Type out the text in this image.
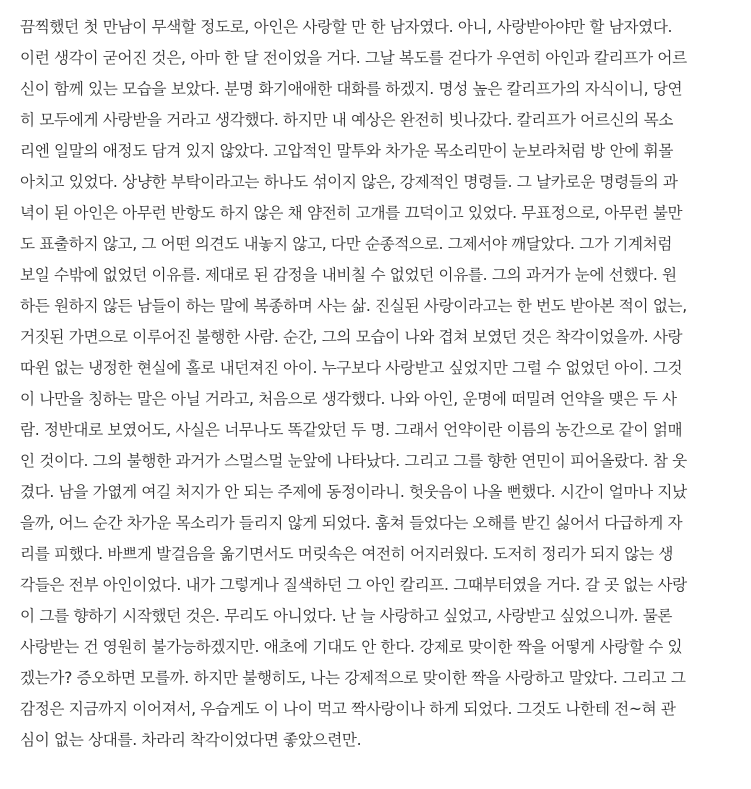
끔찍했던 첫 만남이 무색할 정도로, 아인은 사랑할 만 한 남자였다. 아니, 사랑받아야만 할 남자였다.
이런 생각이 굳어진 것은, 아마 한 달 전이었을 거다. 그날 복도를 걷다가 우연히 아인과 칼리프가 어르
신이 함께 있는 모습을 보았다. 분명 화기애애한 대화를 하겠지. 명성 높은 칼리프가의 자식이니, 당연
히 모두에게 사랑받을 거라고 생각했다. 하지만 내 예상은 완전히 빗나갔다. 칼리프가 어르신의 목소
리엔 일말의 애정도 담겨 있지 않았다. 고압적인 말투와 차가운 목소리만이 눈보라처럼 방 안에 휘몰
아치고 있었다. 상냥한 부탁이라고는 하나도 섞이지 않은, 강제적인 명령들. 그 날카로운 명령들의 과
녁이 된 아인은 아무런 반항도 하지 않은 채 얌전히 고개를 끄덕이고 있었다. 무표정으로, 아무런 불만
도 표출하지 않고, 그 어떤 의견도 내놓지 않고, 다만 순종적으로. 그제서야 깨달았다. 그가 기계처럼
보일 수밖에 없었던 이유를. 제대로 된 감정을 내비칠 수 없었던 이유를. 그의 과거가 눈에 선했다. 원
하든 원하지 않든 남들이 하는 말에 복종하며 사는 삶. 진실된 사랑이라고는 한 번도 받아본 적이 없는,
거짓된 가면으로 이루어진 불행한 사람. 순간, 그의 모습이 나와 겹쳐 보였던 것은 착각이었을까. 사랑
따윈 없는 냉정한 현실에 홀로 내던져진 아이. 누구보다 사랑받고 싶었지만 그럴 수 없었던 아이. 그것
이 나만을 칭하는 말은 아닐 거라고, 처음으로 생각했다. 나와 아인, 운명에 떠밀려 언약을 맺은 두 사
람. 정반대로 보였어도, 사실은 너무나도 똑같았던 두 명. 그래서 언약이란 이름의 농간으로 같이 얽매
인 것이다. 그의 불행한 과거가 스멀스멀 눈앞에 나타났다. 그리고 그를 향한 연민이 피어올랐다. 참 웃
겼다. 남을 가엾게 여길 처지가 안 되는 주제에 동정이라니. 헛웃음이 나올 뻔했다. 시간이 얼마나 지났
을까, 어느 순간 차가운 목소리가 들리지 않게 되었다. 훔쳐 들었다는 오해를 받긴 싫어서 다급하게 자
리를 피했다. 바쁘게 발걸음을 옮기면서도 머릿속은 여전히 어지러웠다. 도저히 정리가 되지 않는 생
각들은 전부 아인이었다. 내가 그렇게나 질색하던 그 아인 칼리프. 그때부터였을 거다. 갈 곳 없는 사랑
이 그를 향하기 시작했던 것은. 무리도 아니었다. 난 늘 사랑하고 싶었고, 사랑받고 싶었으니까. 물론
사랑받는 건 영원히 불가능하겠지만. 애초에 기대도 안 한다. 강제로 맞이한 짝을 어떻게 사랑할 수 있
겠는가? 증오하면 모를까. 하지만 불행히도, 나는 강제적으로 맞이한 짝을 사랑하고 말았다. 그리고 그
감정은 지금까지 이어져서, 우습게도 이 나이 먹고 짝사랑이나 하게 되었다. 그것도 나한테 전~혀 관
심이 없는 상대를. 차라리 착각이었다면 좋았으련만.
